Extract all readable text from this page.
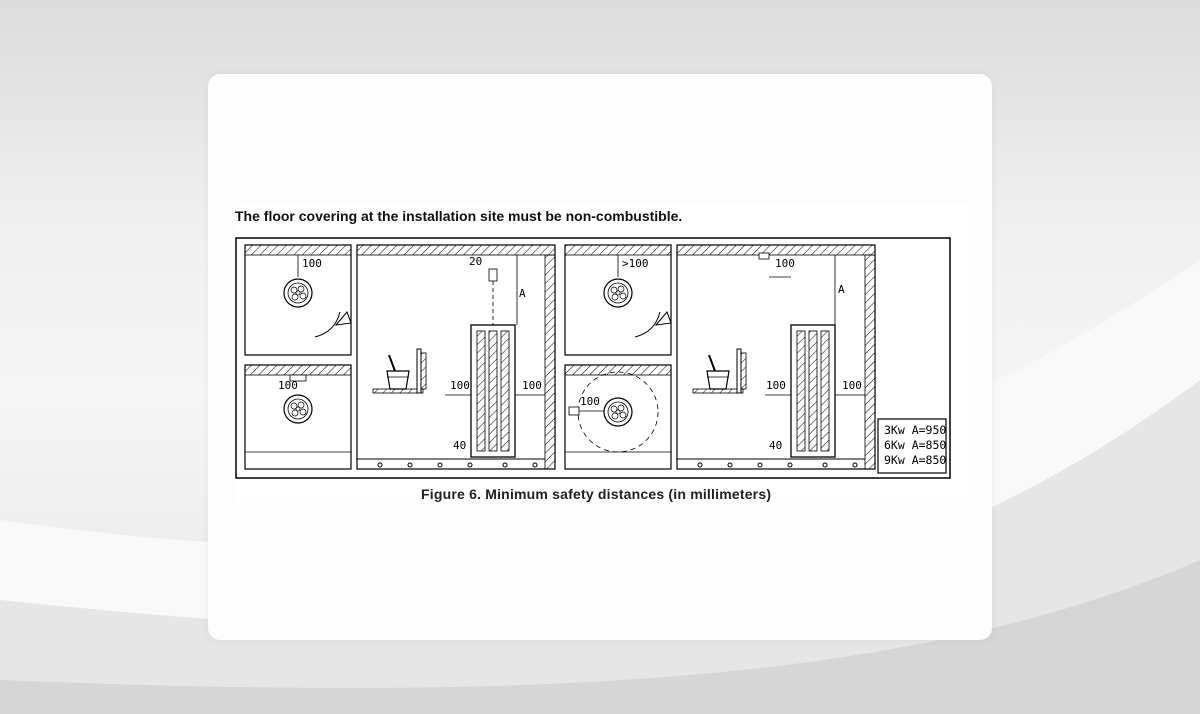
The floor covering at the installation site must be non-combustible.
100
100
20
A
100	100
40
>100
100
100
A
100	100
40
3Kw A=950
6Kw A=850
9Kw A=850
Figure 6. Minimum safety distances (in millimeters)
